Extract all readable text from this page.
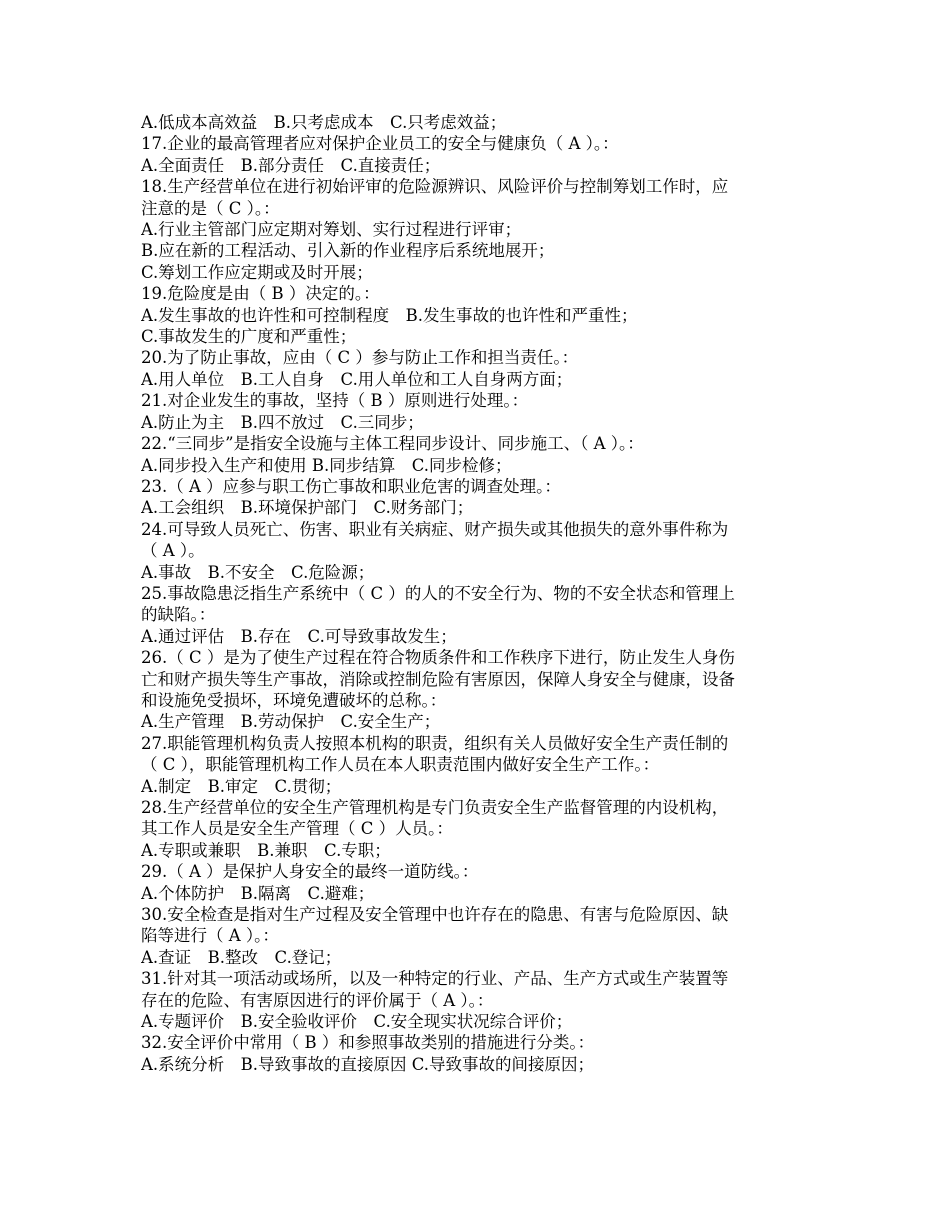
A.低成本高效益　B.只考虑成本　C.只考虑效益；
17.企业的最高管理者应对保护企业员工的安全与健康负（ A ）。：
A.全面责任　B.部分责任　C.直接责任；
18.生产经营单位在进行初始评审的危险源辨识、风险评价与控制筹划工作时，应
注意的是（ C ）。：
A.行业主管部门应定期对筹划、实行过程进行评审；
B.应在新的工程活动、引入新的作业程序后系统地展开；
C.筹划工作应定期或及时开展；
19.危险度是由（ B ）决定的。：
A.发生事故的也许性和可控制程度　B.发生事故的也许性和严重性；
C.事故发生的广度和严重性；
20.为了防止事故，应由（ C ）参与防止工作和担当责任。：
A.用人单位　B.工人自身　C.用人单位和工人自身两方面；
21.对企业发生的事故，坚持（ B ）原则进行处理。：
A.防止为主　B.四不放过　C.三同步；
22.“三同步”是指安全设施与主体工程同步设计、同步施工、（ A ）。：
A.同步投入生产和使用 B.同步结算　C.同步检修；
23.（ A ）应参与职工伤亡事故和职业危害的调查处理。：
A.工会组织　B.环境保护部门　C.财务部门；
24.可导致人员死亡、伤害、职业有关病症、财产损失或其他损失的意外事件称为
（ A ）。
A.事故　B.不安全　C.危险源；
25.事故隐患泛指生产系统中（ C ）的人的不安全行为、物的不安全状态和管理上
的缺陷。：
A.通过评估　B.存在　C.可导致事故发生；
26.（ C ）是为了使生产过程在符合物质条件和工作秩序下进行，防止发生人身伤
亡和财产损失等生产事故，消除或控制危险有害原因，保障人身安全与健康，设备
和设施免受损坏，环境免遭破坏的总称。：
A.生产管理　B.劳动保护　C.安全生产；
27.职能管理机构负责人按照本机构的职责，组织有关人员做好安全生产责任制的
（ C ），职能管理机构工作人员在本人职责范围内做好安全生产工作。：
A.制定　B.审定　C.贯彻；
28.生产经营单位的安全生产管理机构是专门负责安全生产监督管理的内设机构，
其工作人员是安全生产管理（ C ）人员。：
A.专职或兼职　B.兼职　C.专职；
29.（ A ）是保护人身安全的最终一道防线。：
A.个体防护　B.隔离　C.避难；
30.安全检查是指对生产过程及安全管理中也许存在的隐患、有害与危险原因、缺
陷等进行（ A ）。：
A.查证　B.整改　C.登记；
31.针对其一项活动或场所，以及一种特定的行业、产品、生产方式或生产装置等
存在的危险、有害原因进行的评价属于（ A ）。：
A.专题评价　B.安全验收评价　C.安全现实状况综合评价；
32.安全评价中常用（ B ）和参照事故类别的措施进行分类。：
A.系统分析　B.导致事故的直接原因 C.导致事故的间接原因；
